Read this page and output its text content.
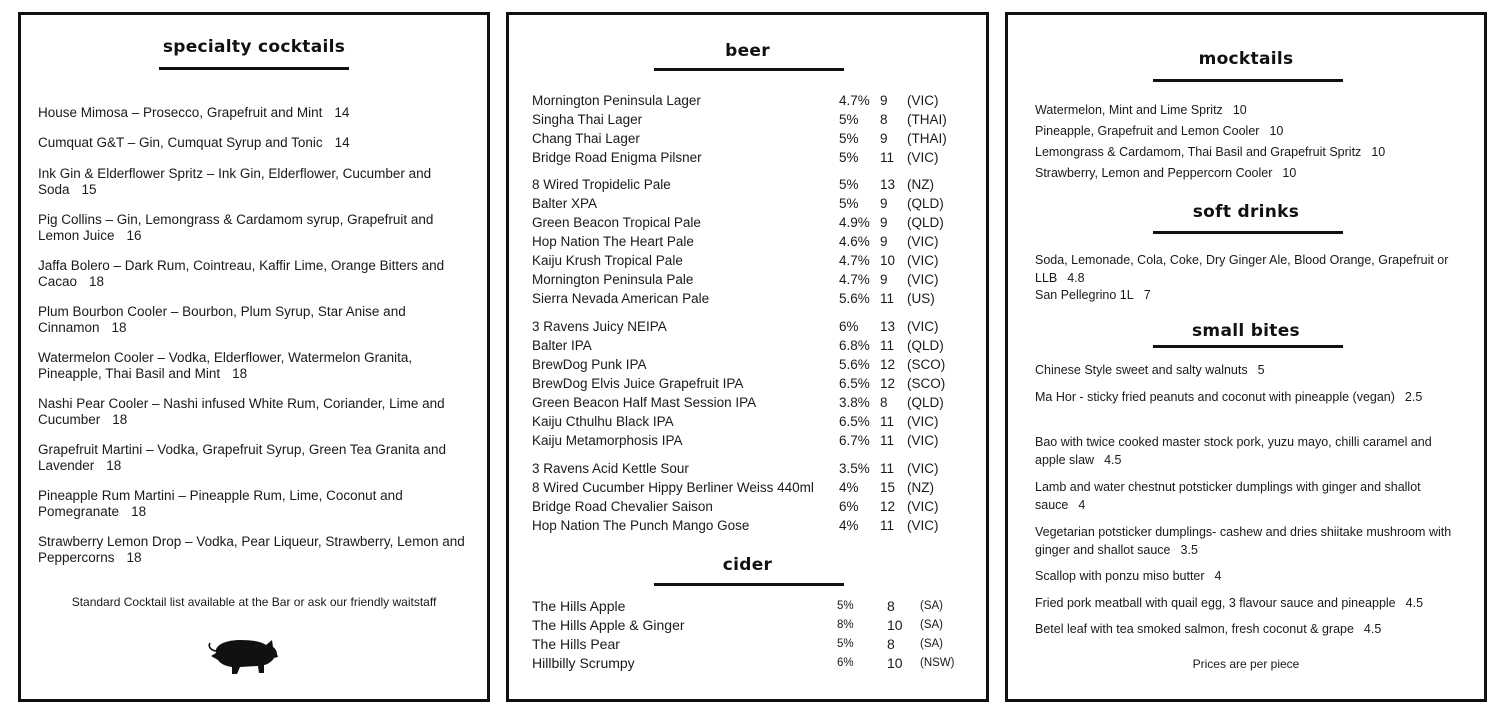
specialty cocktails
House Mimosa – Prosecco, Grapefruit and Mint 14
Cumquat G&T – Gin, Cumquat Syrup and Tonic 14
Ink Gin & Elderflower Spritz – Ink Gin, Elderflower, Cucumber and Soda 15
Pig Collins – Gin, Lemongrass & Cardamom syrup, Grapefruit and Lemon Juice 16
Jaffa Bolero – Dark Rum, Cointreau, Kaffir Lime, Orange Bitters and Cacao 18
Plum Bourbon Cooler – Bourbon, Plum Syrup, Star Anise and Cinnamon 18
Watermelon Cooler – Vodka, Elderflower, Watermelon Granita, Pineapple, Thai Basil and Mint 18
Nashi Pear Cooler – Nashi infused White Rum, Coriander, Lime and Cucumber 18
Grapefruit Martini – Vodka, Grapefruit Syrup, Green Tea Granita and Lavender 18
Pineapple Rum Martini – Pineapple Rum, Lime, Coconut and Pomegranate 18
Strawberry Lemon Drop – Vodka, Pear Liqueur, Strawberry, Lemon and Peppercorns 18
Standard Cocktail list available at the Bar or ask our friendly waitstaff
beer
Mornington Peninsula Lager	4.7% 9 (VIC)
Singha Thai Lager	5% 8 (THAI)
Chang Thai Lager	5% 9 (THAI)
Bridge Road Enigma Pilsner	5% 11 (VIC)
8 Wired Tropidelic Pale	5% 13 (NZ)
Balter XPA	5% 9 (QLD)
Green Beacon Tropical Pale	4.9% 9 (QLD)
Hop Nation The Heart Pale	4.6% 9 (VIC)
Kaiju Krush Tropical Pale	4.7% 10 (VIC)
Mornington Peninsula Pale	4.7% 9 (VIC)
Sierra Nevada American Pale	5.6% 11 (US)
3 Ravens Juicy NEIPA	6% 13 (VIC)
Balter IPA	6.8% 11 (QLD)
BrewDog Punk IPA	5.6% 12 (SCO)
BrewDog Elvis Juice Grapefruit IPA	6.5% 12 (SCO)
Green Beacon Half Mast Session IPA	3.8% 8 (QLD)
Kaiju Cthulhu Black IPA	6.5% 11 (VIC)
Kaiju Metamorphosis IPA	6.7% 11 (VIC)
3 Ravens Acid Kettle Sour	3.5% 11 (VIC)
8 Wired Cucumber Hippy Berliner Weiss 440ml 4% 15 (NZ)
Bridge Road Chevalier Saison	6% 12 (VIC)
Hop Nation The Punch Mango Gose	4% 11 (VIC)
cider
The Hills Apple	5% 8 (SA)
The Hills Apple & Ginger	8% 10 (SA)
The Hills Pear	5% 8 (SA)
Hillbilly Scrumpy	6% 10 (NSW)
mocktails
Watermelon, Mint and Lime Spritz 10
Pineapple, Grapefruit and Lemon Cooler 10
Lemongrass & Cardamom, Thai Basil and Grapefruit Spritz 10
Strawberry, Lemon and Peppercorn Cooler 10
soft drinks
Soda, Lemonade, Cola, Coke, Dry Ginger Ale, Blood Orange, Grapefruit or LLB 4.8
San Pellegrino 1L 7
small bites
Chinese Style sweet and salty walnuts 5
Ma Hor - sticky fried peanuts and coconut with pineapple (vegan) 2.5
Bao with twice cooked master stock pork, yuzu mayo, chilli caramel and apple slaw 4.5
Lamb and water chestnut potsticker dumplings with ginger and shallot sauce 4
Vegetarian potsticker dumplings- cashew and dries shiitake mushroom with ginger and shallot sauce 3.5
Scallop with ponzu miso butter 4
Fried pork meatball with quail egg, 3 flavour sauce and pineapple 4.5
Betel leaf with tea smoked salmon, fresh coconut & grape 4.5
Prices are per piece
